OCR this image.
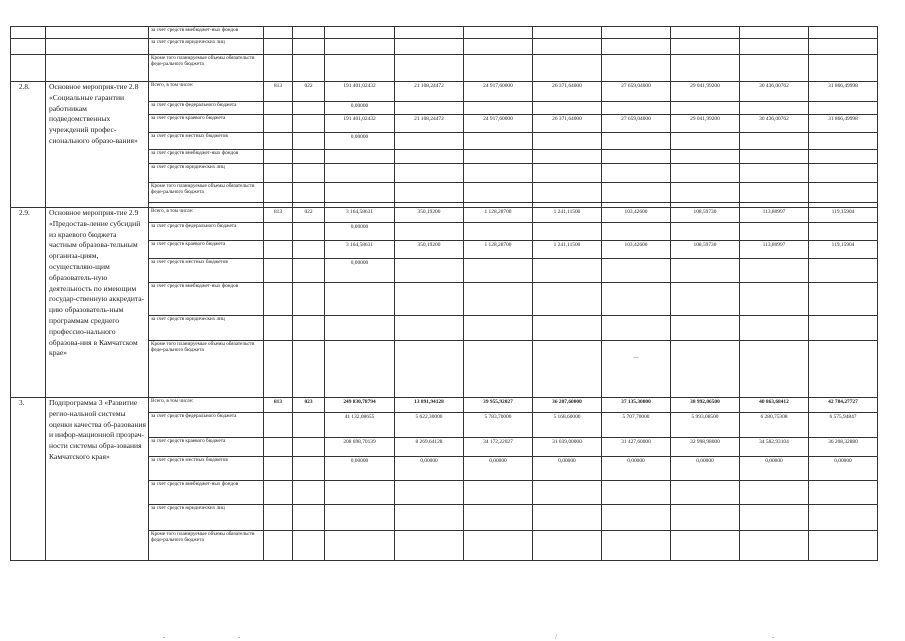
		за счет средств внебюджет-ных фондов										
		за счет средств юридических лиц										
		Кроме того планируемые объемы обязательств феде-рального бюджета										
2.8.	Основное мероприя-тие 2.8 «Социальные гарантии работникам подведомственных учреждений профес-сионального образо-вания»	Всего, в том числе:	813	022	191 401,02432	21 108,24472	24 917,60000	26 371,64000	27 659,04000	29 041,99200	30 436,00762	31 866,49998
		за счет средств федерального бюджета			0,00000							
		за счет средств краевого бюджета			191 401,02432	21 108,24472	24 917,60000	26 371,64000	27 659,04000	29 041,99200	30 436,00762	31 866,49998
		за счет средств местных бюджетов			0,00000							
		за счет средств внебюджет-ных фондов										
		за счет средств юридических лиц										
		Кроме того планируемые объемы обязательств феде-рального бюджета										

2.9.	Основное мероприя-тие 2.9 «Предостав-ление субсидий из краевого бюджета частным образова-тельным организа-циям, осуществляю-щим образователь-ную деятельность по имеющим государ-ственную аккредита-цию образователь-ным программам среднего профессио-нального образова-ния в Камчатском крае»	Всего, в том числе:	813	022	3 164,58631	350,19200	1 128,28700	1 241,11500	103,42600	108,59730	113,80997	119,15904
		за счет средств федерального бюджета			0,00000							
		за счет средств краевого бюджета			3 164,58631	350,19200	1 128,28700	1 241,11500	103,42600	108,59730	113,80997	119,15904
		за счет средств местных бюджетов			0,00000							
		за счет средств внебюджет-ных фондов										
		за счет средств юридических лиц										
		Кроме того планируемые объемы обязательств феде-рального бюджета							—			

3.	Подпрограмма 3 «Развитие регио-нальной системы оценки качества об-разования и инфор-мационной прозрач-ности системы обра-зования Камчатского края»	Всего, в том числе:	813	023	249 830,78794	13 891,94128	39 955,92027	36 207,60000	37 135,30000	38 992,06500	40 863,68412	42 784,27727
		за счет средств федерального бюджета			41 132,08655	5 622,30000	5 783,70000	5 168,60000	5 707,70000	5 993,08500	6 280,75308	6 575,94847
		за счет средств краевого бюджета			208 698,70139	8 269,64128	34 172,22027	31 039,00000	31 427,60000	32 998,98000	34 582,93104	36 208,32880
		за счет средств местных бюджетов			0,00000	0,00000	0,00000	0,00000	0,00000	0,00000	0,00000	0,00000
		за счет средств внебюджет-ных фондов										
		за счет средств юридических лиц										
		Кроме того планируемые объемы обязательств феде-рального бюджета										
-	-	/	-
